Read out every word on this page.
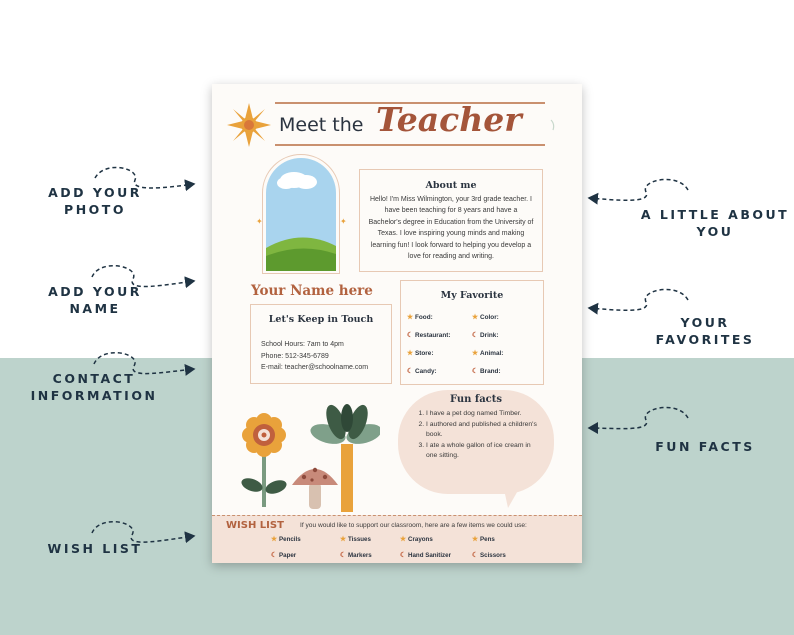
ADD YOUR
PHOTO
ADD YOUR
NAME
CONTACT
INFORMATION
WISH LIST
A LITTLE ABOUT
YOU
YOUR
FAVORITES
FUN FACTS
Meet the Teacher
✦	✦
About me
Hello! I'm Miss Wilmington, your 3rd grade teacher. I have been teaching for 8 years and have a Bachelor's degree in Education from the University of Texas. I love inspiring young minds and making learning fun! I look forward to helping you develop a love for reading and writing.
Your Name here
Let's Keep in Touch
School Hours: 7am to 4pm
Phone: 512-345-6789
E-mail: teacher@schoolname.com
My Favorite
★ Food:	★ Color:
☾ Restaurant:	☾ Drink:
★ Store:	★ Animal:
☾ Candy:	☾ Brand:
Fun facts
1. I have a pet dog named Timber.
2. I authored and published a children's book.
3. I ate a whole gallon of ice cream in one sitting.
WISH LIST If you would like to support our classroom, here are a few items we could use:
★ Pencils	★ Tissues	★ Crayons	★ Pens
☾ Paper	☾ Markers	☾ Hand Sanitizer	☾ Scissors
